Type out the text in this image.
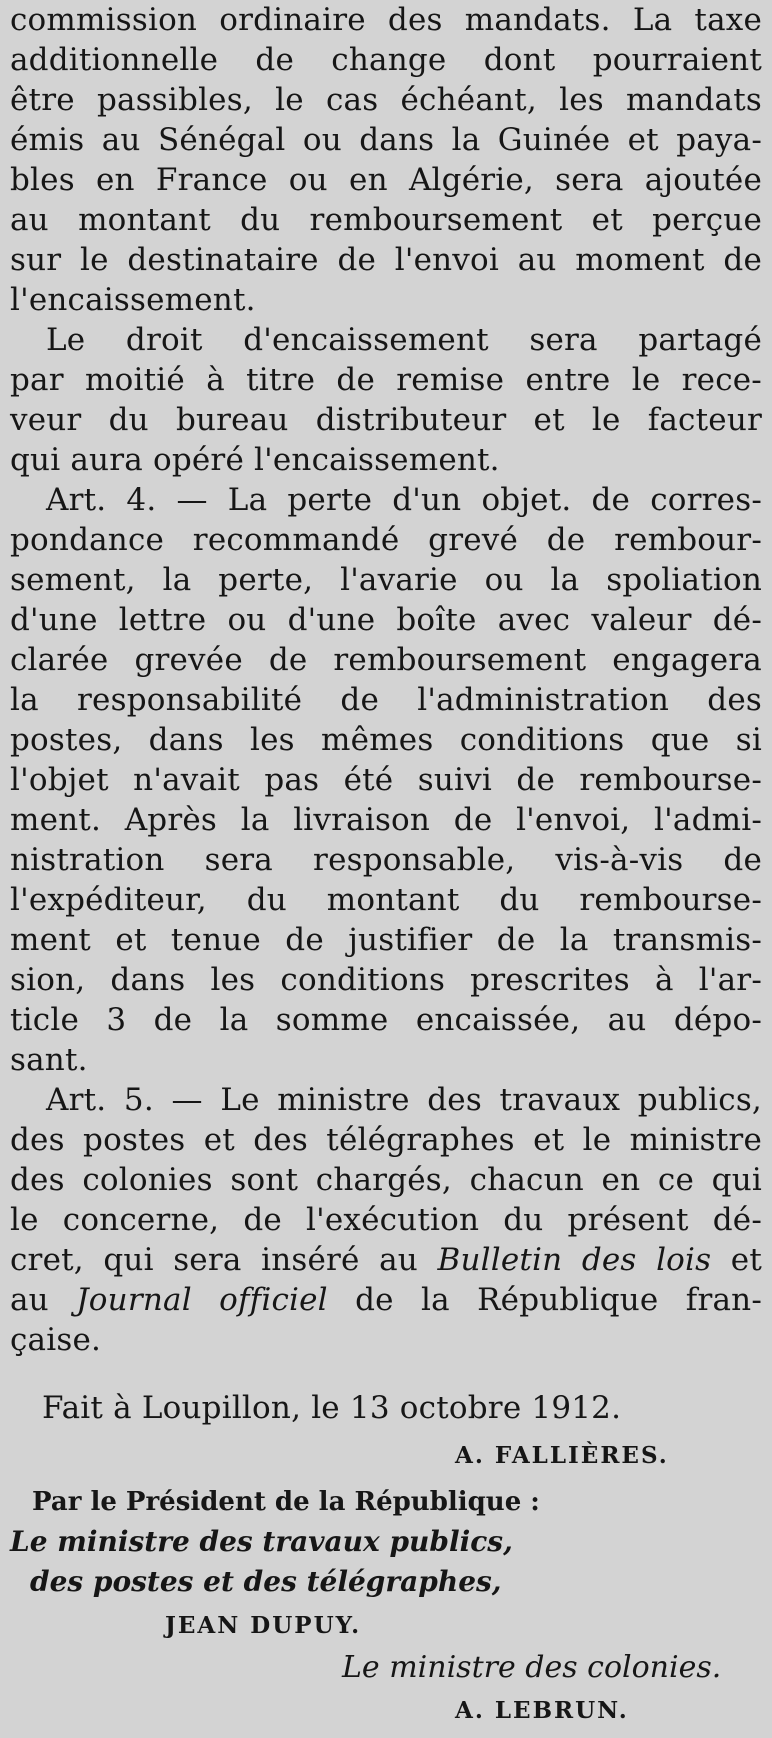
commission ordinaire des mandats. La taxe
additionnelle de change dont pourraient
être passibles, le cas échéant, les mandats
émis au Sénégal ou dans la Guinée et paya-
bles en France ou en Algérie, sera ajoutée
au montant du remboursement et perçue
sur le destinataire de l'envoi au moment de
l'encaissement.
Le droit d'encaissement sera partagé
par moitié à titre de remise entre le rece-
veur du bureau distributeur et le facteur
qui aura opéré l'encaissement.
Art. 4. — La perte d'un objet. de corres-
pondance recommandé grevé de rembour-
sement, la perte, l'avarie ou la spoliation
d'une lettre ou d'une boîte avec valeur dé-
clarée grevée de remboursement engagera
la responsabilité de l'administration des
postes, dans les mêmes conditions que si
l'objet n'avait pas été suivi de rembourse-
ment. Après la livraison de l'envoi, l'admi-
nistration sera responsable, vis-à-vis de
l'expéditeur, du montant du rembourse-
ment et tenue de justifier de la transmis-
sion, dans les conditions prescrites à l'ar-
ticle 3 de la somme encaissée, au dépo-
sant.
Art. 5. — Le ministre des travaux publics,
des postes et des télégraphes et le ministre
des colonies sont chargés, chacun en ce qui
le concerne, de l'exécution du présent dé-
cret, qui sera inséré au Bulletin des lois et
au Journal officiel de la République fran-
çaise.
Fait à Loupillon, le 13 octobre 1912.
A. FALLIÈRES.
Par le Président de la République :
Le ministre des travaux publics,
des postes et des télégraphes,
JEAN DUPUY.
Le ministre des colonies.
A. LEBRUN.
